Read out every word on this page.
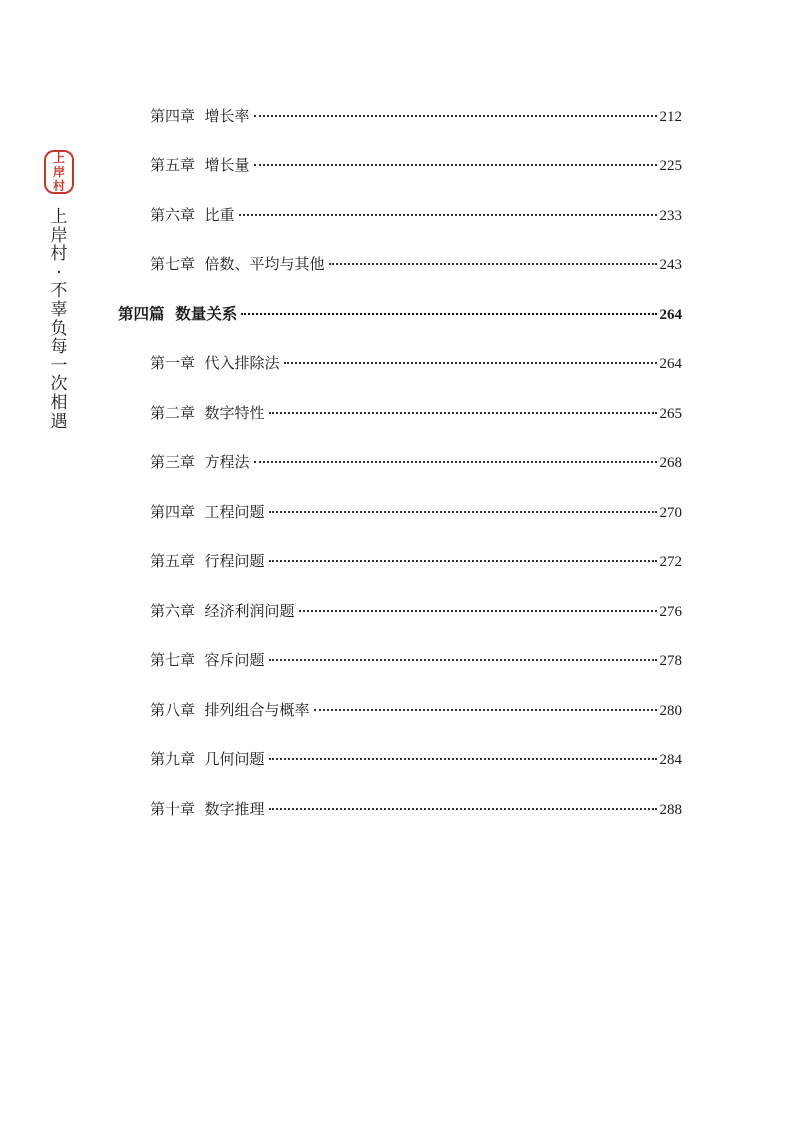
上
岸
村
上
岸
村
·
不
辜
负
每
一
次
相
遇
第四章  增长率	212
第五章  增长量	225
第六章  比重	233
第七章  倍数、平均与其他	243
第四篇  数量关系	264
第一章  代入排除法	264
第二章  数字特性	265
第三章  方程法	268
第四章  工程问题	270
第五章  行程问题	272
第六章  经济利润问题	276
第七章  容斥问题	278
第八章  排列组合与概率	280
第九章  几何问题	284
第十章  数字推理	288
